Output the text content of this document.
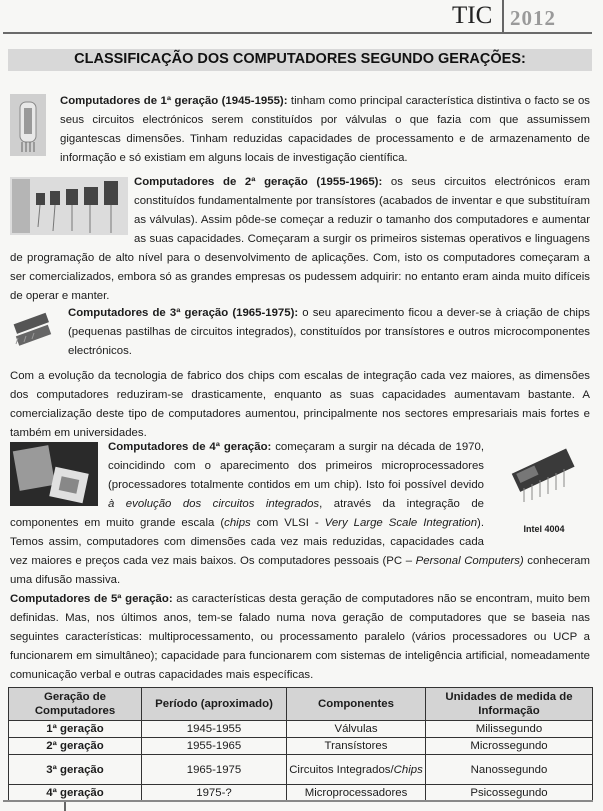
TIC 2012
CLASSIFICAÇÃO DOS COMPUTADORES SEGUNDO GERAÇÕES:

Computadores de 1ª geração (1945-1955): tinham como principal característica distintiva o facto se os seus circuitos electrónicos serem constituídos por válvulas o que fazia com que assumissem gigantescas dimensões. Tinham reduzidas capacidades de processamento e de armazenamento de informação e só existiam em alguns locais de investigação científica.

Computadores de 2ª geração (1955-1965): os seus circuitos electrónicos eram constituídos fundamentalmente por transístores (acabados de inventar e que substituíram as válvulas). Assim pôde-se começar a reduzir o tamanho dos computadores e aumentar as suas capacidades. Começaram a surgir os primeiros sistemas operativos e linguagens de programação de alto nível para o desenvolvimento de aplicações. Com, isto os computadores começaram a ser comercializados, embora só as grandes empresas os pudessem adquirir: no entanto eram ainda muito difíceis de operar e manter.

Computadores de 3ª geração (1965-1975): o seu aparecimento ficou a dever-se à criação de chips (pequenas pastilhas de circuitos integrados), constituídos por transístores e outros microcomponentes electrónicos.

Com a evolução da tecnologia de fabrico dos chips com escalas de integração cada vez maiores, as dimensões dos computadores reduziram-se drasticamente, enquanto as suas capacidades aumentavam bastante. A comercialização deste tipo de computadores aumentou, principalmente nos sectores empresariais mais fortes e também em universidades.

Intel 4004

Computadores de 4ª geração: começaram a surgir na década de 1970, coincidindo com o aparecimento dos primeiros microprocessadores (processadores totalmente contidos em um chip). Isto foi possível devido à evolução dos circuitos integrados, através da integração de componentes em muito grande escala (chips com VLSI - Very Large Scale Integration). Temos assim, computadores com dimensões cada vez mais reduzidas, capacidades cada vez maiores e preços cada vez mais baixos. Os computadores pessoais (PC – Personal Computers) conheceram uma difusão massiva.

Computadores de 5ª geração: as características desta geração de computadores não se encontram, muito bem definidas. Mas, nos últimos anos, tem-se falado numa nova geração de computadores que se baseia nas seguintes características: multiprocessamento, ou processamento paralelo (vários processadores ou UCP a funcionarem em simultâneo); capacidade para funcionarem com sistemas de inteligência artificial, nomeadamente comunicação verbal e outras capacidades mais específicas.

Geração de Computadores	Período (aproximado)	Componentes	Unidades de medida de Informação
1ª geração	1945-1955	Válvulas	Milissegundo
2ª geração	1955-1965	Transístores	Microssegundo
3ª geração	1965-1975	Circuitos Integrados/Chips	Nanossegundo
4ª geração	1975-?	Microprocessadores	Psicossegundo
